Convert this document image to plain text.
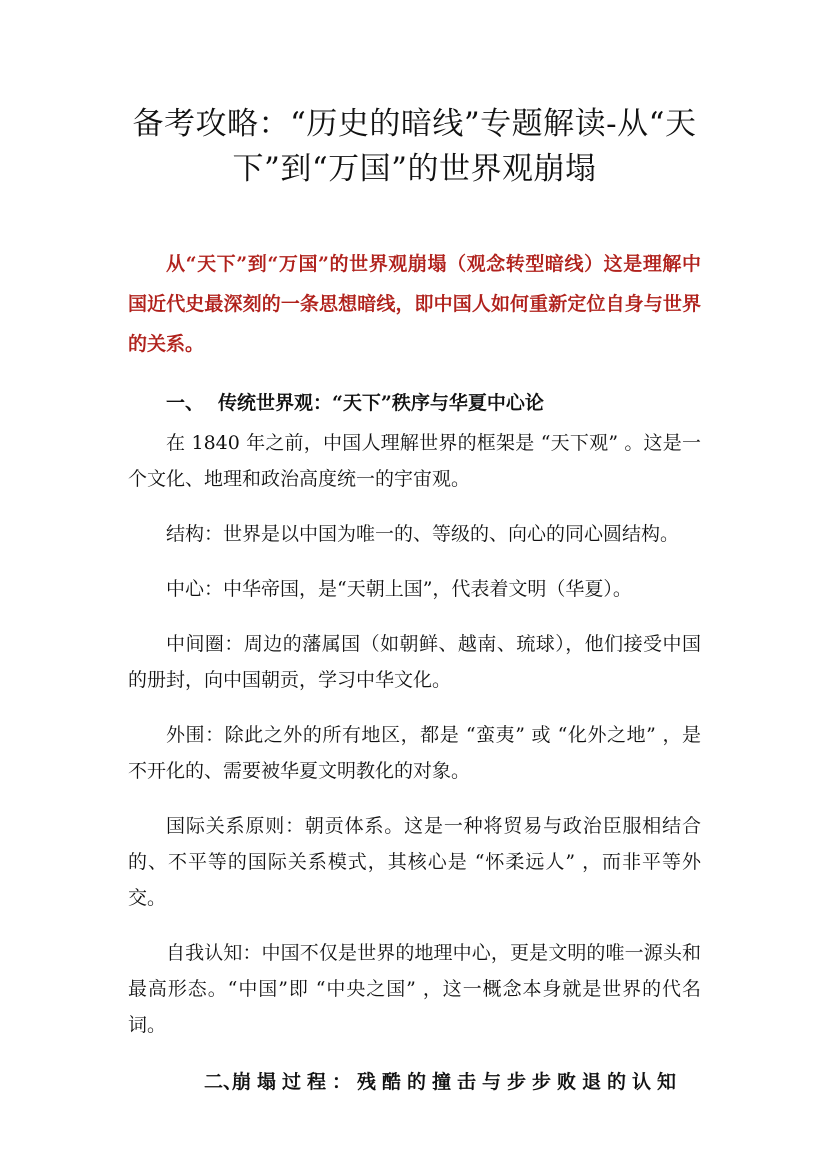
备考攻略：“历史的暗线”专题解读-从“天下”到“万国”的世界观崩塌

从“天下”到“万国”的世界观崩塌（观念转型暗线）这是理解中国近代史最深刻的一条思想暗线，即中国人如何重新定位自身与世界的关系。

一、 传统世界观：“天下”秩序与华夏中心论

在 1840 年之前，中国人理解世界的框架是 “天下观” 。这是一个文化、地理和政治高度统一的宇宙观。

结构：世界是以中国为唯一的、等级的、向心的同心圆结构。

中心：中华帝国，是“天朝上国”，代表着文明（华夏）。

中间圈：周边的藩属国（如朝鲜、越南、琉球），他们接受中国的册封，向中国朝贡，学习中华文化。

外围：除此之外的所有地区，都是 “蛮夷” 或 “化外之地” ，是不开化的、需要被华夏文明教化的对象。

国际关系原则：朝贡体系。这是一种将贸易与政治臣服相结合的、不平等的国际关系模式，其核心是 “怀柔远人” ，而非平等外交。

自我认知：中国不仅是世界的地理中心，更是文明的唯一源头和最高形态。“中国”即 “中央之国” ，这一概念本身就是世界的代名词。

二、崩塌过程：残酷的撞击与步步败退的认知
